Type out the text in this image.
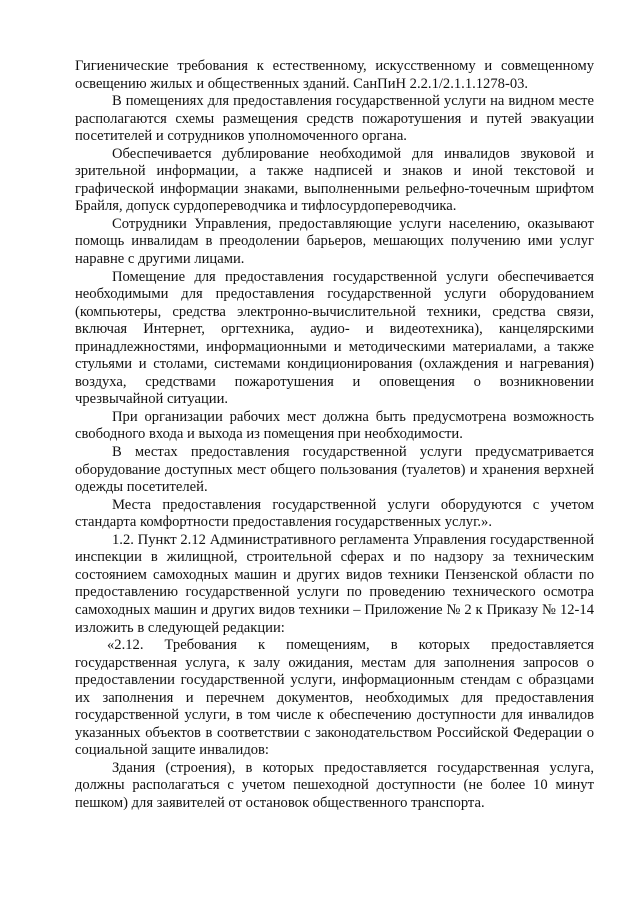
Гигиенические требования к естественному, искусственному и совмещенному освещению жилых и общественных зданий. СанПиН 2.2.1/2.1.1.1278-03.

В помещениях для предоставления государственной услуги на видном месте располагаются схемы размещения средств пожаротушения и путей эвакуации посетителей и сотрудников уполномоченного органа.

Обеспечивается дублирование необходимой для инвалидов звуковой и зрительной информации, а также надписей и знаков и иной текстовой и графической информации знаками, выполненными рельефно-точечным шрифтом Брайля, допуск сурдопереводчика и тифлосурдопереводчика.

Сотрудники Управления, предоставляющие услуги населению, оказывают помощь инвалидам в преодолении барьеров, мешающих получению ими услуг наравне с другими лицами.

Помещение для предоставления государственной услуги обеспечивается необходимыми для предоставления государственной услуги оборудованием (компьютеры, средства электронно-вычислительной техники, средства связи, включая Интернет, оргтехника, аудио- и видеотехника), канцелярскими принадлежностями, информационными и методическими материалами, а также стульями и столами, системами кондиционирования (охлаждения и нагревания) воздуха, средствами пожаротушения и оповещения о возникновении чрезвычайной ситуации.

При организации рабочих мест должна быть предусмотрена возможность свободного входа и выхода из помещения при необходимости.

В местах предоставления государственной услуги предусматривается оборудование доступных мест общего пользования (туалетов) и хранения верхней одежды посетителей.

Места предоставления государственной услуги оборудуются с учетом стандарта комфортности предоставления государственных услуг.».

1.2. Пункт 2.12 Административного регламента Управления государственной инспекции в жилищной, строительной сферах и по надзору за техническим состоянием самоходных машин и других видов техники Пензенской области по предоставлению государственной услуги по проведению технического осмотра самоходных машин и других видов техники – Приложение № 2 к Приказу № 12-14 изложить в следующей редакции:

«2.12. Требования к помещениям, в которых предоставляется государственная услуга, к залу ожидания, местам для заполнения запросов о предоставлении государственной услуги, информационным стендам с образцами их заполнения и перечнем документов, необходимых для предоставления государственной услуги, в том числе к обеспечению доступности для инвалидов указанных объектов в соответствии с законодательством Российской Федерации о социальной защите инвалидов:

Здания (строения), в которых предоставляется государственная услуга, должны располагаться с учетом пешеходной доступности (не более 10 минут пешком) для заявителей от остановок общественного транспорта.
